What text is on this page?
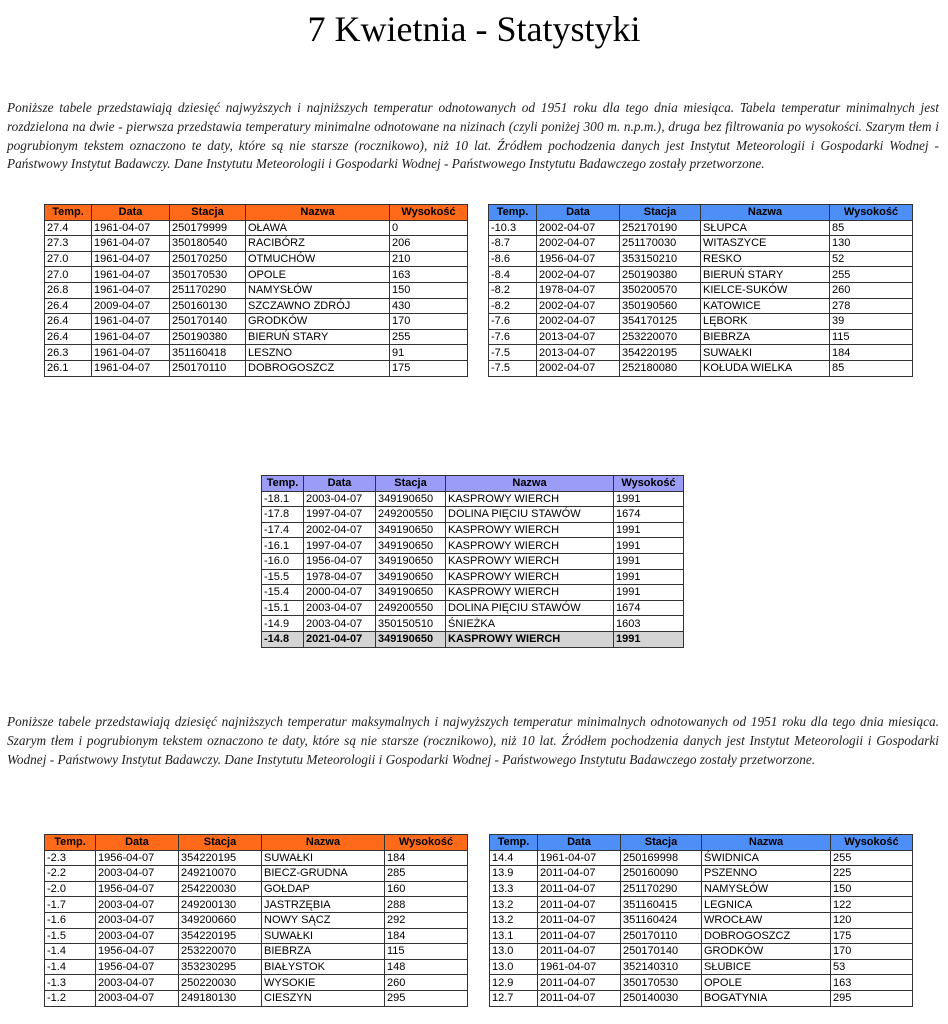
7 Kwietnia - Statystyki

Poniższe tabele przedstawiają dziesięć najwyższych i najniższych temperatur odnotowanych od 1951 roku dla tego dnia miesiąca. Tabela temperatur minimalnych jest rozdzielona na dwie - pierwsza przedstawia temperatury minimalne odnotowane na nizinach (czyli poniżej 300 m. n.p.m.), druga bez filtrowania po wysokości. Szarym tłem i pogrubionym tekstem oznaczono te daty, które są nie starsze (rocznikowo), niż 10 lat. Źródłem pochodzenia danych jest Instytut Meteorologii i Gospodarki Wodnej - Państwowy Instytut Badawczy. Dane Instytutu Meteorologii i Gospodarki Wodnej - Państwowego Instytutu Badawczego zostały przetworzone.

Temp.	Data	Stacja	Nazwa	Wysokość
27.4	1961-04-07	250179999	OŁAWA	0
27.3	1961-04-07	350180540	RACIBÓRZ	206
27.0	1961-04-07	250170250	OTMUCHÓW	210
27.0	1961-04-07	350170530	OPOLE	163
26.8	1961-04-07	251170290	NAMYSŁÓW	150
26.4	2009-04-07	250160130	SZCZAWNO ZDRÓJ	430
26.4	1961-04-07	250170140	GRODKÓW	170
26.4	1961-04-07	250190380	BIERUŃ STARY	255
26.3	1961-04-07	351160418	LESZNO	91
26.1	1961-04-07	250170110	DOBROGOSZCZ	175
Temp.	Data	Stacja	Nazwa	Wysokość
-10.3	2002-04-07	252170190	SŁUPCA	85
-8.7	2002-04-07	251170030	WITASZYCE	130
-8.6	1956-04-07	353150210	RESKO	52
-8.4	2002-04-07	250190380	BIERUŃ STARY	255
-8.2	1978-04-07	350200570	KIELCE-SUKÓW	260
-8.2	2002-04-07	350190560	KATOWICE	278
-7.6	2002-04-07	354170125	LĘBORK	39
-7.6	2013-04-07	253220070	BIEBRZA	115
-7.5	2013-04-07	354220195	SUWAŁKI	184
-7.5	2002-04-07	252180080	KOŁUDA WIELKA	85
Temp.	Data	Stacja	Nazwa	Wysokość
-18.1	2003-04-07	349190650	KASPROWY WIERCH	1991
-17.8	1997-04-07	249200550	DOLINA PIĘCIU STAWÓW	1674
-17.4	2002-04-07	349190650	KASPROWY WIERCH	1991
-16.1	1997-04-07	349190650	KASPROWY WIERCH	1991
-16.0	1956-04-07	349190650	KASPROWY WIERCH	1991
-15.5	1978-04-07	349190650	KASPROWY WIERCH	1991
-15.4	2000-04-07	349190650	KASPROWY WIERCH	1991
-15.1	2003-04-07	249200550	DOLINA PIĘCIU STAWÓW	1674
-14.9	2003-04-07	350150510	ŚNIEŻKA	1603
-14.8	2021-04-07	349190650	KASPROWY WIERCH	1991

Poniższe tabele przedstawiają dziesięć najniższych temperatur maksymalnych i najwyższych temperatur minimalnych odnotowanych od 1951 roku dla tego dnia miesiąca. Szarym tłem i pogrubionym tekstem oznaczono te daty, które są nie starsze (rocznikowo), niż 10 lat. Źródłem pochodzenia danych jest Instytut Meteorologii i Gospodarki Wodnej - Państwowy Instytut Badawczy. Dane Instytutu Meteorologii i Gospodarki Wodnej - Państwowego Instytutu Badawczego zostały przetworzone.

Temp.	Data	Stacja	Nazwa	Wysokość
-2.3	1956-04-07	354220195	SUWAŁKI	184
-2.2	2003-04-07	249210070	BIECZ-GRUDNA	285
-2.0	1956-04-07	254220030	GOŁDAP	160
-1.7	2003-04-07	249200130	JASTRZĘBIA	288
-1.6	2003-04-07	349200660	NOWY SĄCZ	292
-1.5	2003-04-07	354220195	SUWAŁKI	184
-1.4	1956-04-07	253220070	BIEBRZA	115
-1.4	1956-04-07	353230295	BIAŁYSTOK	148
-1.3	2003-04-07	250220030	WYSOKIE	260
-1.2	2003-04-07	249180130	CIESZYN	295
Temp.	Data	Stacja	Nazwa	Wysokość
14.4	1961-04-07	250169998	ŚWIDNICA	255
13.9	2011-04-07	250160090	PSZENNO	225
13.3	2011-04-07	251170290	NAMYSŁÓW	150
13.2	2011-04-07	351160415	LEGNICA	122
13.2	2011-04-07	351160424	WROCŁAW	120
13.1	2011-04-07	250170110	DOBROGOSZCZ	175
13.0	2011-04-07	250170140	GRODKÓW	170
13.0	1961-04-07	352140310	SŁUBICE	53
12.9	2011-04-07	350170530	OPOLE	163
12.7	2011-04-07	250140030	BOGATYNIA	295
